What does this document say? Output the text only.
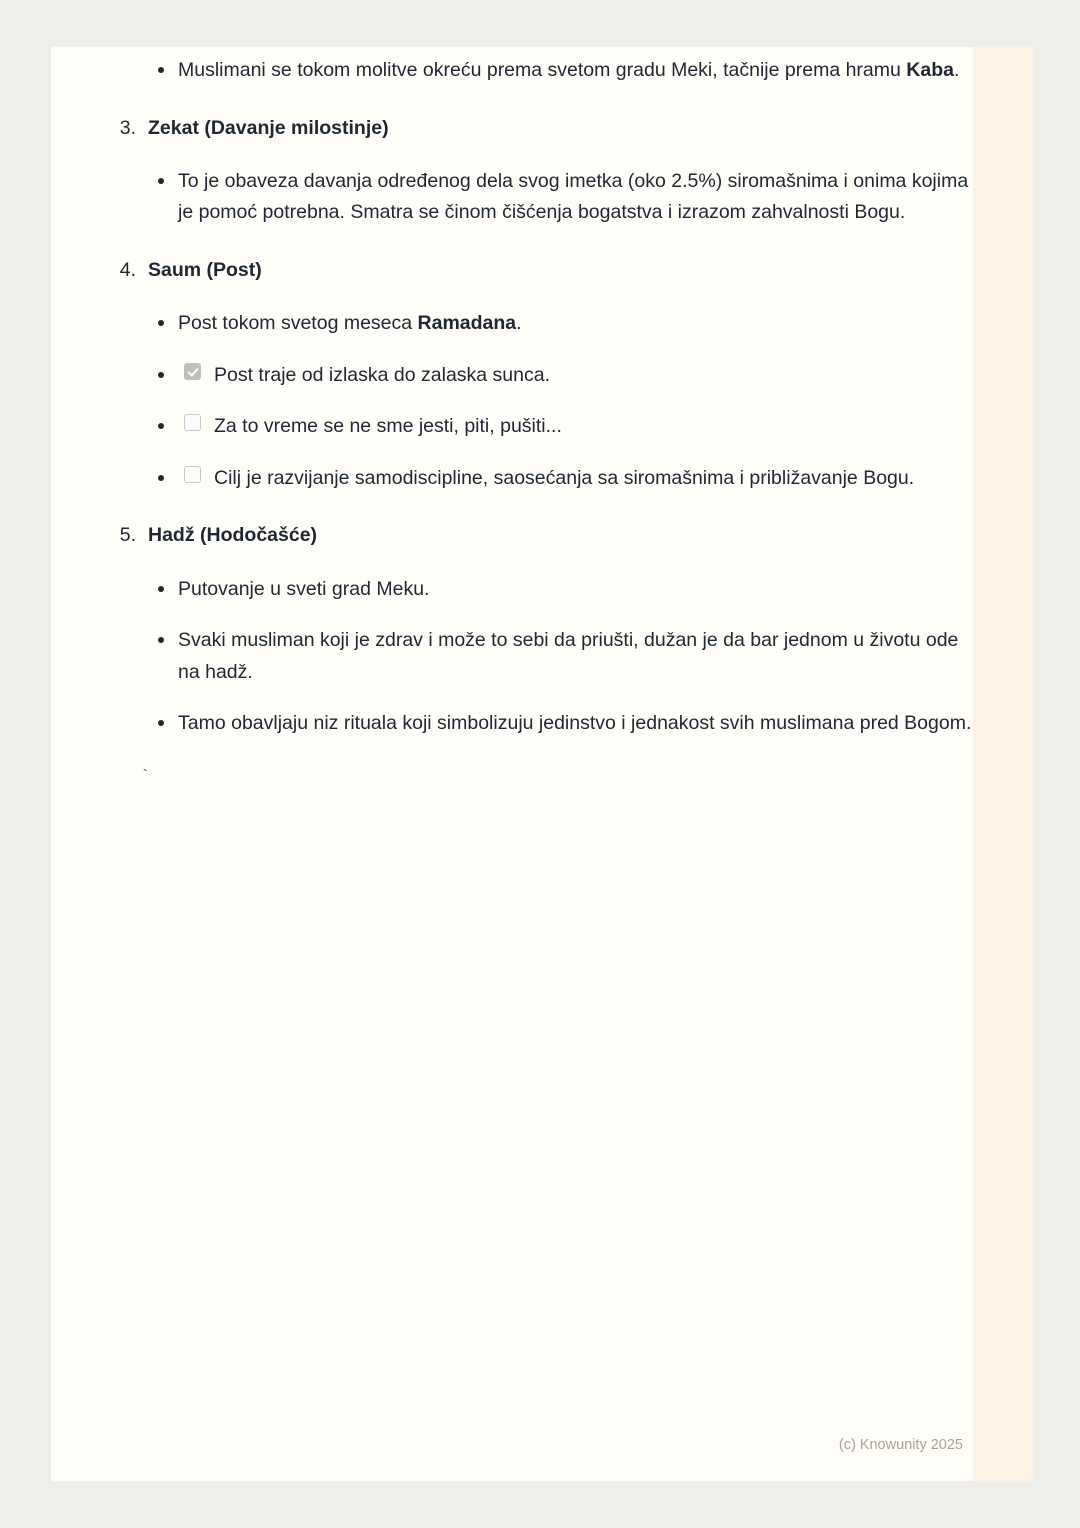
Muslimani se tokom molitve okreću prema svetom gradu Meki, tačnije prema hramu Kaba.
3. Zekat (Davanje milostinje)
To je obaveza davanja određenog dela svog imetka (oko 2.5%) siromašnima i onima kojima je pomoć potrebna. Smatra se činom čišćenja bogatstva i izrazom zahvalnosti Bogu.
4. Saum (Post)
Post tokom svetog meseca Ramadana.
Post traje od izlaska do zalaska sunca.
Za to vreme se ne sme jesti, piti, pušiti...
Cilj je razvijanje samodiscipline, saosećanja sa siromašnima i približavanje Bogu.
5. Hadž (Hodočašće)
Putovanje u sveti grad Meku.
Svaki musliman koji je zdrav i može to sebi da priušti, dužan je da bar jednom u životu ode na hadž.
Tamo obavljaju niz rituala koji simbolizuju jedinstvo i jednakost svih muslimana pred Bogom.
`
(c) Knowunity 2025
